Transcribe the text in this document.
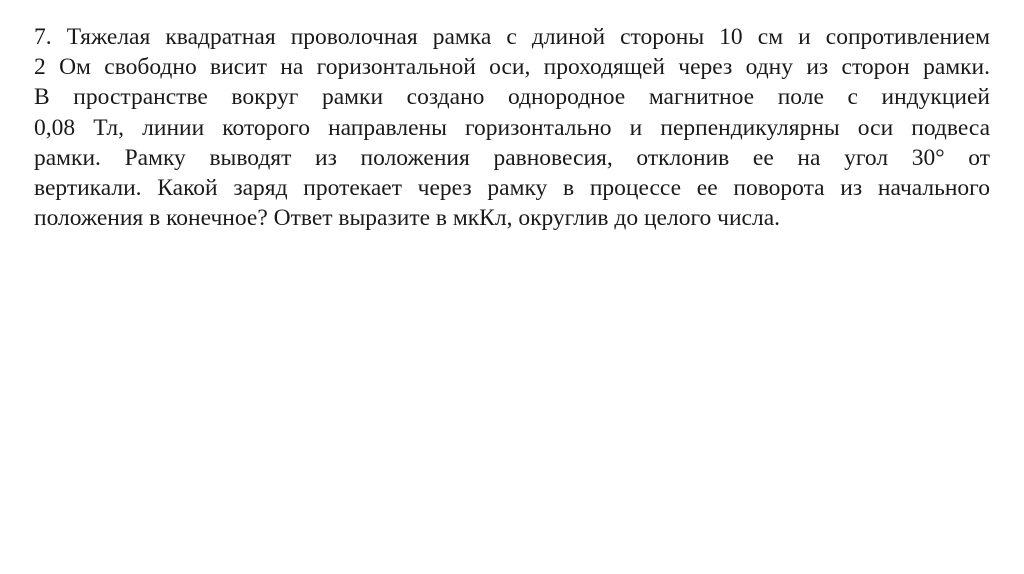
7. Тяжелая квадратная проволочная рамка с длиной стороны 10 см и сопротивлением
2 Ом свободно висит на горизонтальной оси, проходящей через одну из сторон рамки.
В пространстве вокруг рамки создано однородное магнитное поле с индукцией
0,08 Тл, линии которого направлены горизонтально и перпендикулярны оси подвеса
рамки. Рамку выводят из положения равновесия, отклонив ее на угол 30° от
вертикали. Какой заряд протекает через рамку в процессе ее поворота из начального
положения в конечное? Ответ выразите в мкКл, округлив до целого числа.
